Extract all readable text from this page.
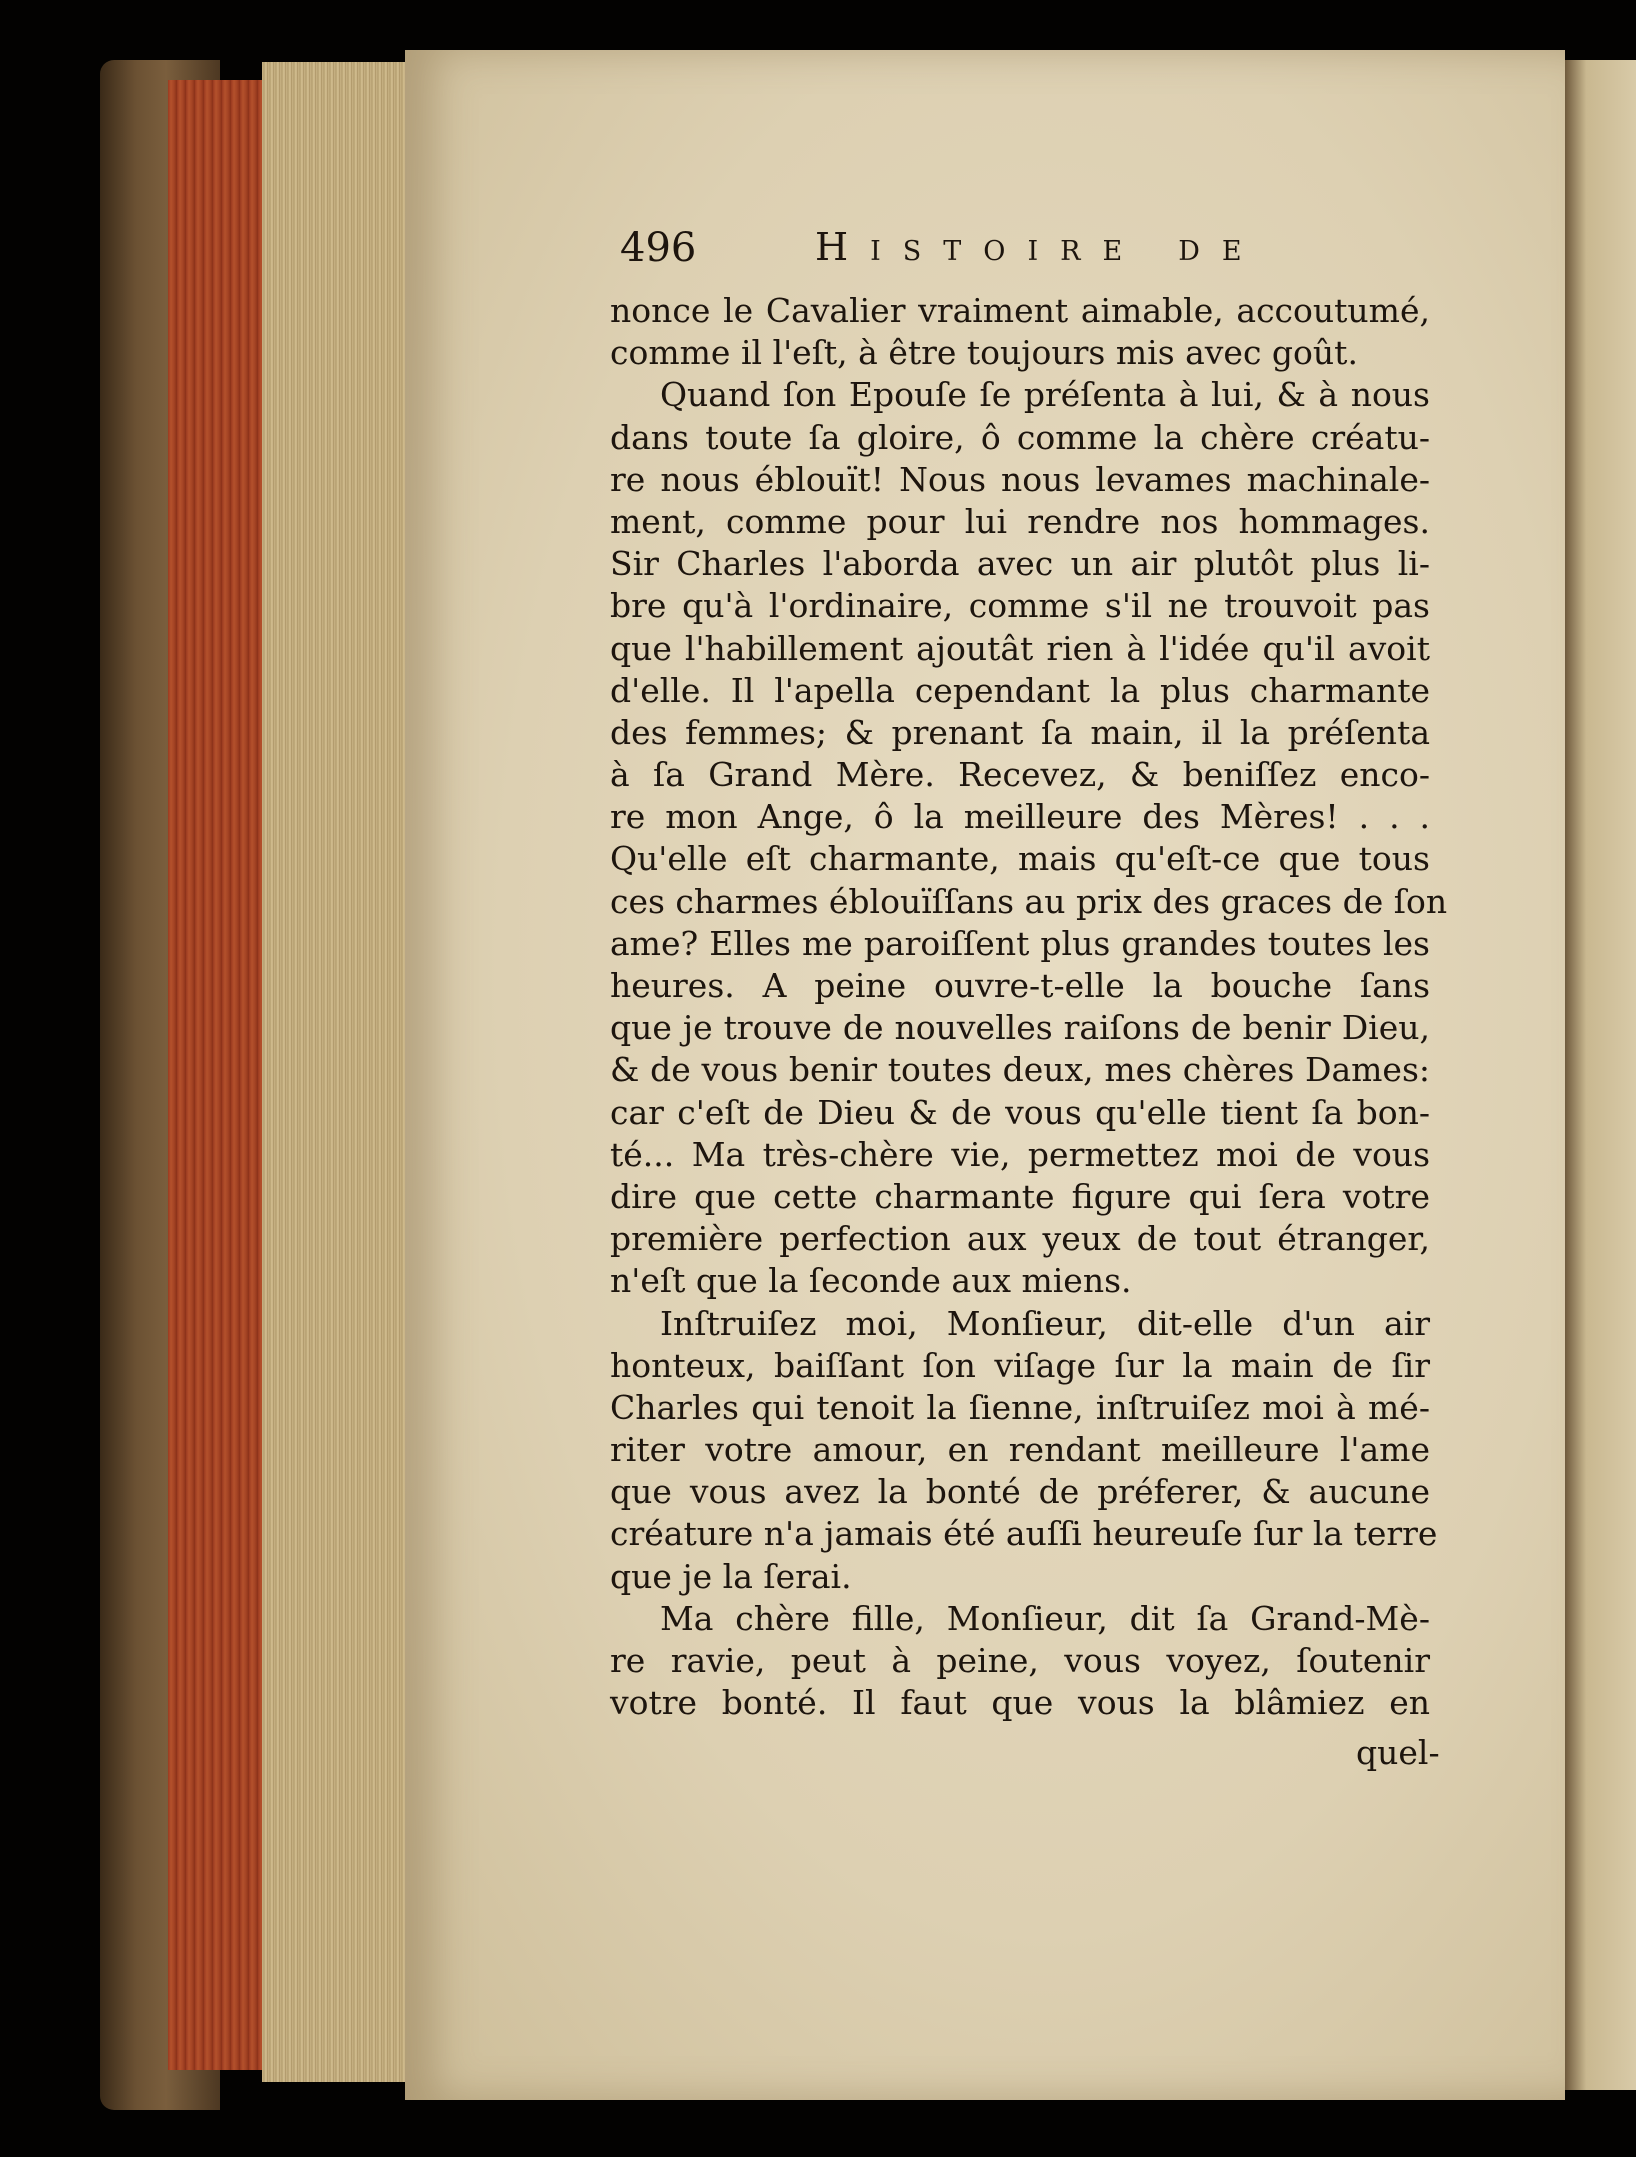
496	Histoire de
nonce le Cavalier vraiment aimable, accoutumé,
comme il l'eſt, à être toujours mis avec goût.
Quand ſon Epouſe ſe préſenta à lui, & à nous
dans toute ſa gloire, ô comme la chère créatu-
re nous éblouït! Nous nous levames machinale-
ment, comme pour lui rendre nos hommages.
Sir Charles l'aborda avec un air plutôt plus li-
bre qu'à l'ordinaire, comme s'il ne trouvoit pas
que l'habillement ajoutât rien à l'idée qu'il avoit
d'elle. Il l'apella cependant la plus charmante
des femmes; & prenant ſa main, il la préſenta
à ſa Grand Mère. Recevez, & beniſſez enco-
re mon Ange, ô la meilleure des Mères! . . .
Qu'elle eſt charmante, mais qu'eſt-ce que tous
ces charmes éblouïſſans au prix des graces de ſon
ame? Elles me paroiſſent plus grandes toutes les
heures. A peine ouvre-t-elle la bouche ſans
que je trouve de nouvelles raiſons de benir Dieu,
& de vous benir toutes deux, mes chères Dames:
car c'eſt de Dieu & de vous qu'elle tient ſa bon-
té... Ma très-chère vie, permettez moi de vous
dire que cette charmante figure qui ſera votre
première perfection aux yeux de tout étranger,
n'eſt que la ſeconde aux miens.
Inſtruiſez moi, Monſieur, dit-elle d'un air
honteux, baiſſant ſon viſage ſur la main de ſir
Charles qui tenoit la ſienne, inſtruiſez moi à mé-
riter votre amour, en rendant meilleure l'ame
que vous avez la bonté de préferer, & aucune
créature n'a jamais été auſſi heureuſe ſur la terre
que je la ſerai.
Ma chère fille, Monſieur, dit ſa Grand-Mè-
re ravie, peut à peine, vous voyez, ſoutenir
votre bonté. Il faut que vous la blâmiez en
quel-
